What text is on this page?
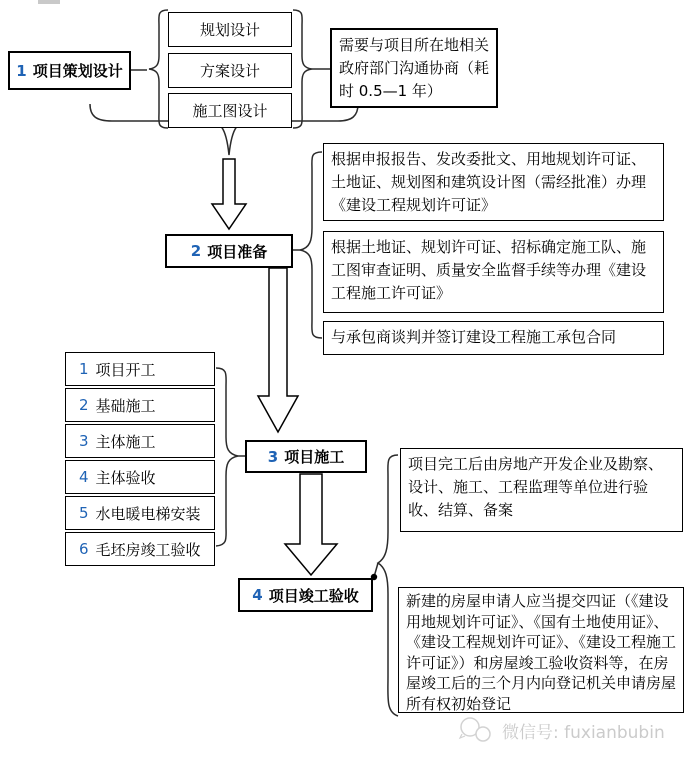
1 项目策划设计
规划设计
方案设计
施工图设计
需要与项目所在地相关政府部门沟通协商（耗时 0.5—1 年）
2 项目准备
根据申报报告、发改委批文、用地规划许可证、土地证、规划图和建筑设计图（需经批准）办理《建设工程规划许可证》
根据土地证、规划许可证、招标确定施工队、施工图审查证明、质量安全监督手续等办理《建设工程施工许可证》
与承包商谈判并签订建设工程施工承包合同
1 项目开工
2 基础施工
3 主体施工
4 主体验收
5 水电暖电梯安装
6 毛坯房竣工验收
3 项目施工
4 项目竣工验收
项目完工后由房地产开发企业及勘察、设计、施工、工程监理等单位进行验收、结算、备案
新建的房屋申请人应当提交四证（《建设用地规划许可证》、《国有土地使用证》、《建设工程规划许可证》、《建设工程施工许可证》）和房屋竣工验收资料等，在房屋竣工后的三个月内向登记机关申请房屋所有权初始登记
微信号: fuxianbubin
